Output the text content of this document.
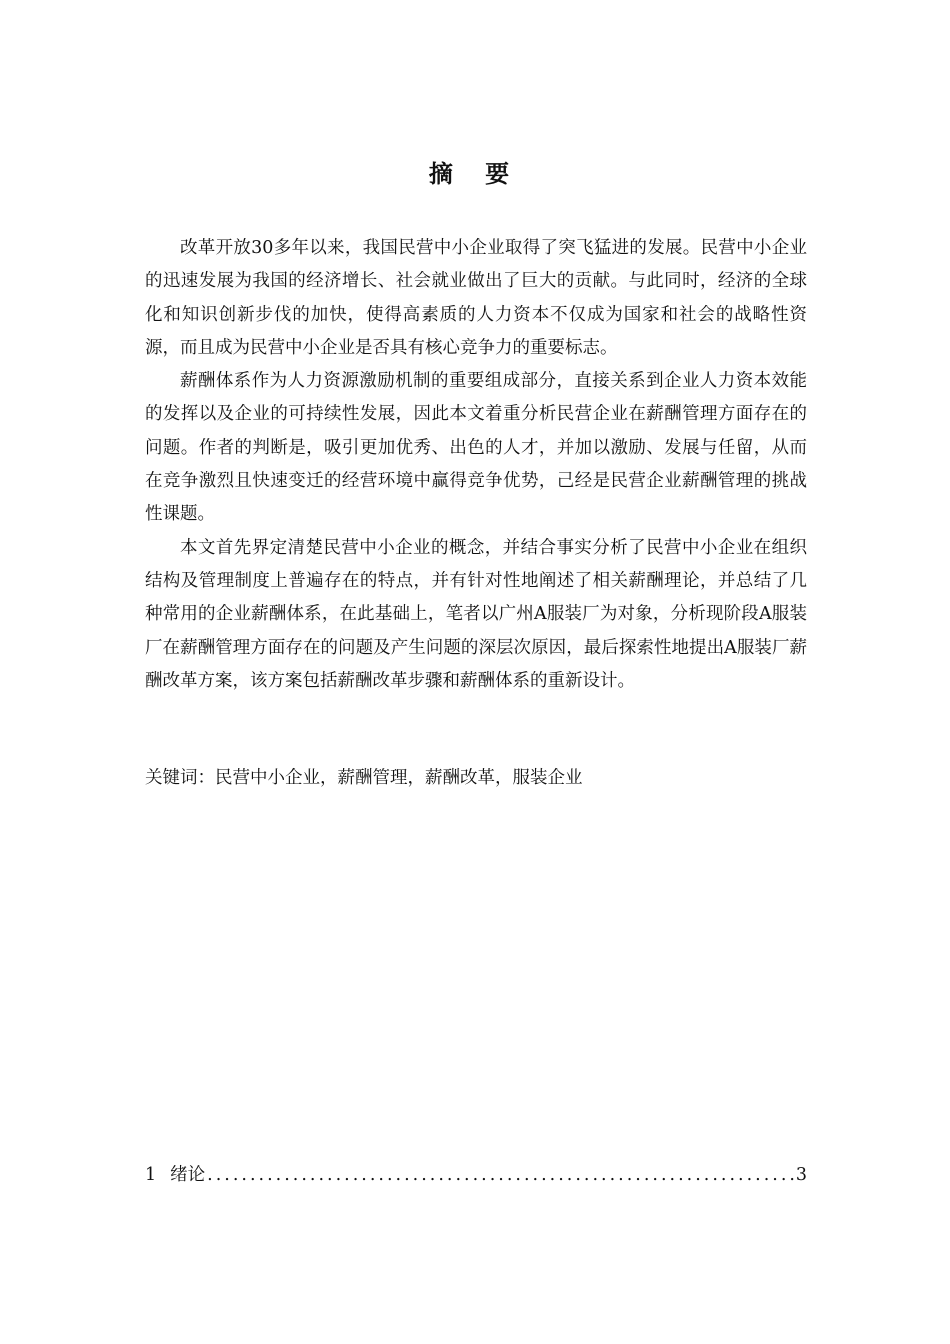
摘 要

改革开放30多年以来，我国民营中小企业取得了突飞猛进的发展。民营中小企业的迅速发展为我国的经济增长、社会就业做出了巨大的贡献。与此同时，经济的全球化和知识创新步伐的加快，使得高素质的人力资本不仅成为国家和社会的战略性资源，而且成为民营中小企业是否具有核心竞争力的重要标志。

薪酬体系作为人力资源激励机制的重要组成部分，直接关系到企业人力资本效能的发挥以及企业的可持续性发展，因此本文着重分析民营企业在薪酬管理方面存在的问题。作者的判断是，吸引更加优秀、出色的人才，并加以激励、发展与任留，从而在竞争激烈且快速变迁的经营环境中赢得竞争优势，己经是民营企业薪酬管理的挑战性课题。

本文首先界定清楚民营中小企业的概念，并结合事实分析了民营中小企业在组织结构及管理制度上普遍存在的特点，并有针对性地阐述了相关薪酬理论，并总结了几种常用的企业薪酬体系，在此基础上，笔者以广州A服装厂为对象，分析现阶段A服装厂在薪酬管理方面存在的问题及产生问题的深层次原因，最后探索性地提出A服装厂薪酬改革方案，该方案包括薪酬改革步骤和薪酬体系的重新设计。

关键词：民营中小企业，薪酬管理，薪酬改革，服装企业

1 绪论
.....	3
